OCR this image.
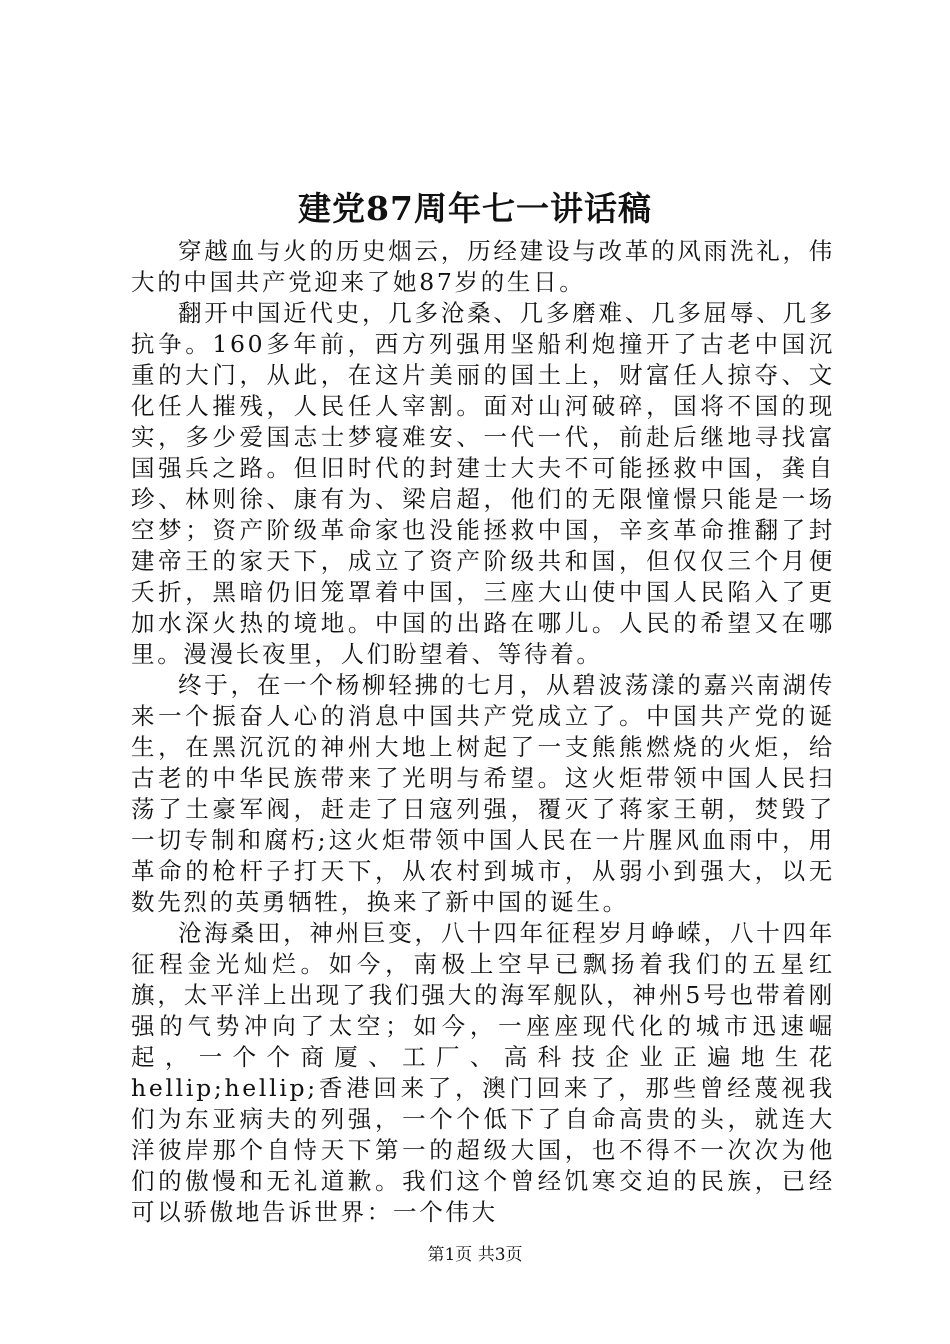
建党87周年七一讲话稿

穿越血与火的历史烟云，历经建设与改革的风雨洗礼，伟大的中国共产党迎来了她87岁的生日。

翻开中国近代史，几多沧桑、几多磨难、几多屈辱、几多抗争。160多年前，西方列强用坚船利炮撞开了古老中国沉重的大门，从此，在这片美丽的国土上，财富任人掠夺、文化任人摧残，人民任人宰割。面对山河破碎，国将不国的现实，多少爱国志士梦寝难安、一代一代，前赴后继地寻找富国强兵之路。但旧时代的封建士大夫不可能拯救中国，龚自珍、林则徐、康有为、梁启超，他们的无限憧憬只能是一场空梦；资产阶级革命家也没能拯救中国，辛亥革命推翻了封建帝王的家天下，成立了资产阶级共和国，但仅仅三个月便夭折，黑暗仍旧笼罩着中国，三座大山使中国人民陷入了更加水深火热的境地。中国的出路在哪儿。人民的希望又在哪里。漫漫长夜里，人们盼望着、等待着。

终于，在一个杨柳轻拂的七月，从碧波荡漾的嘉兴南湖传来一个振奋人心的消息中国共产党成立了。中国共产党的诞生，在黑沉沉的神州大地上树起了一支熊熊燃烧的火炬，给古老的中华民族带来了光明与希望。这火炬带领中国人民扫荡了土豪军阀，赶走了日寇列强，覆灭了蒋家王朝，焚毁了一切专制和腐朽;这火炬带领中国人民在一片腥风血雨中，用革命的枪杆子打天下，从农村到城市，从弱小到强大，以无数先烈的英勇牺牲，换来了新中国的诞生。

沧海桑田，神州巨变，八十四年征程岁月峥嵘，八十四年征程金光灿烂。如今，南极上空早已飘扬着我们的五星红旗，太平洋上出现了我们强大的海军舰队，神州5号也带着刚强的气势冲向了太空；如今，一座座现代化的城市迅速崛起，一个个商厦、工厂、高科技企业正遍地生花hellip;hellip;香港回来了，澳门回来了，那些曾经蔑视我们为东亚病夫的列强，一个个低下了自命高贵的头，就连大洋彼岸那个自恃天下第一的超级大国，也不得不一次次为他们的傲慢和无礼道歉。我们这个曾经饥寒交迫的民族，已经可以骄傲地告诉世界：一个伟大

第1页 共3页
